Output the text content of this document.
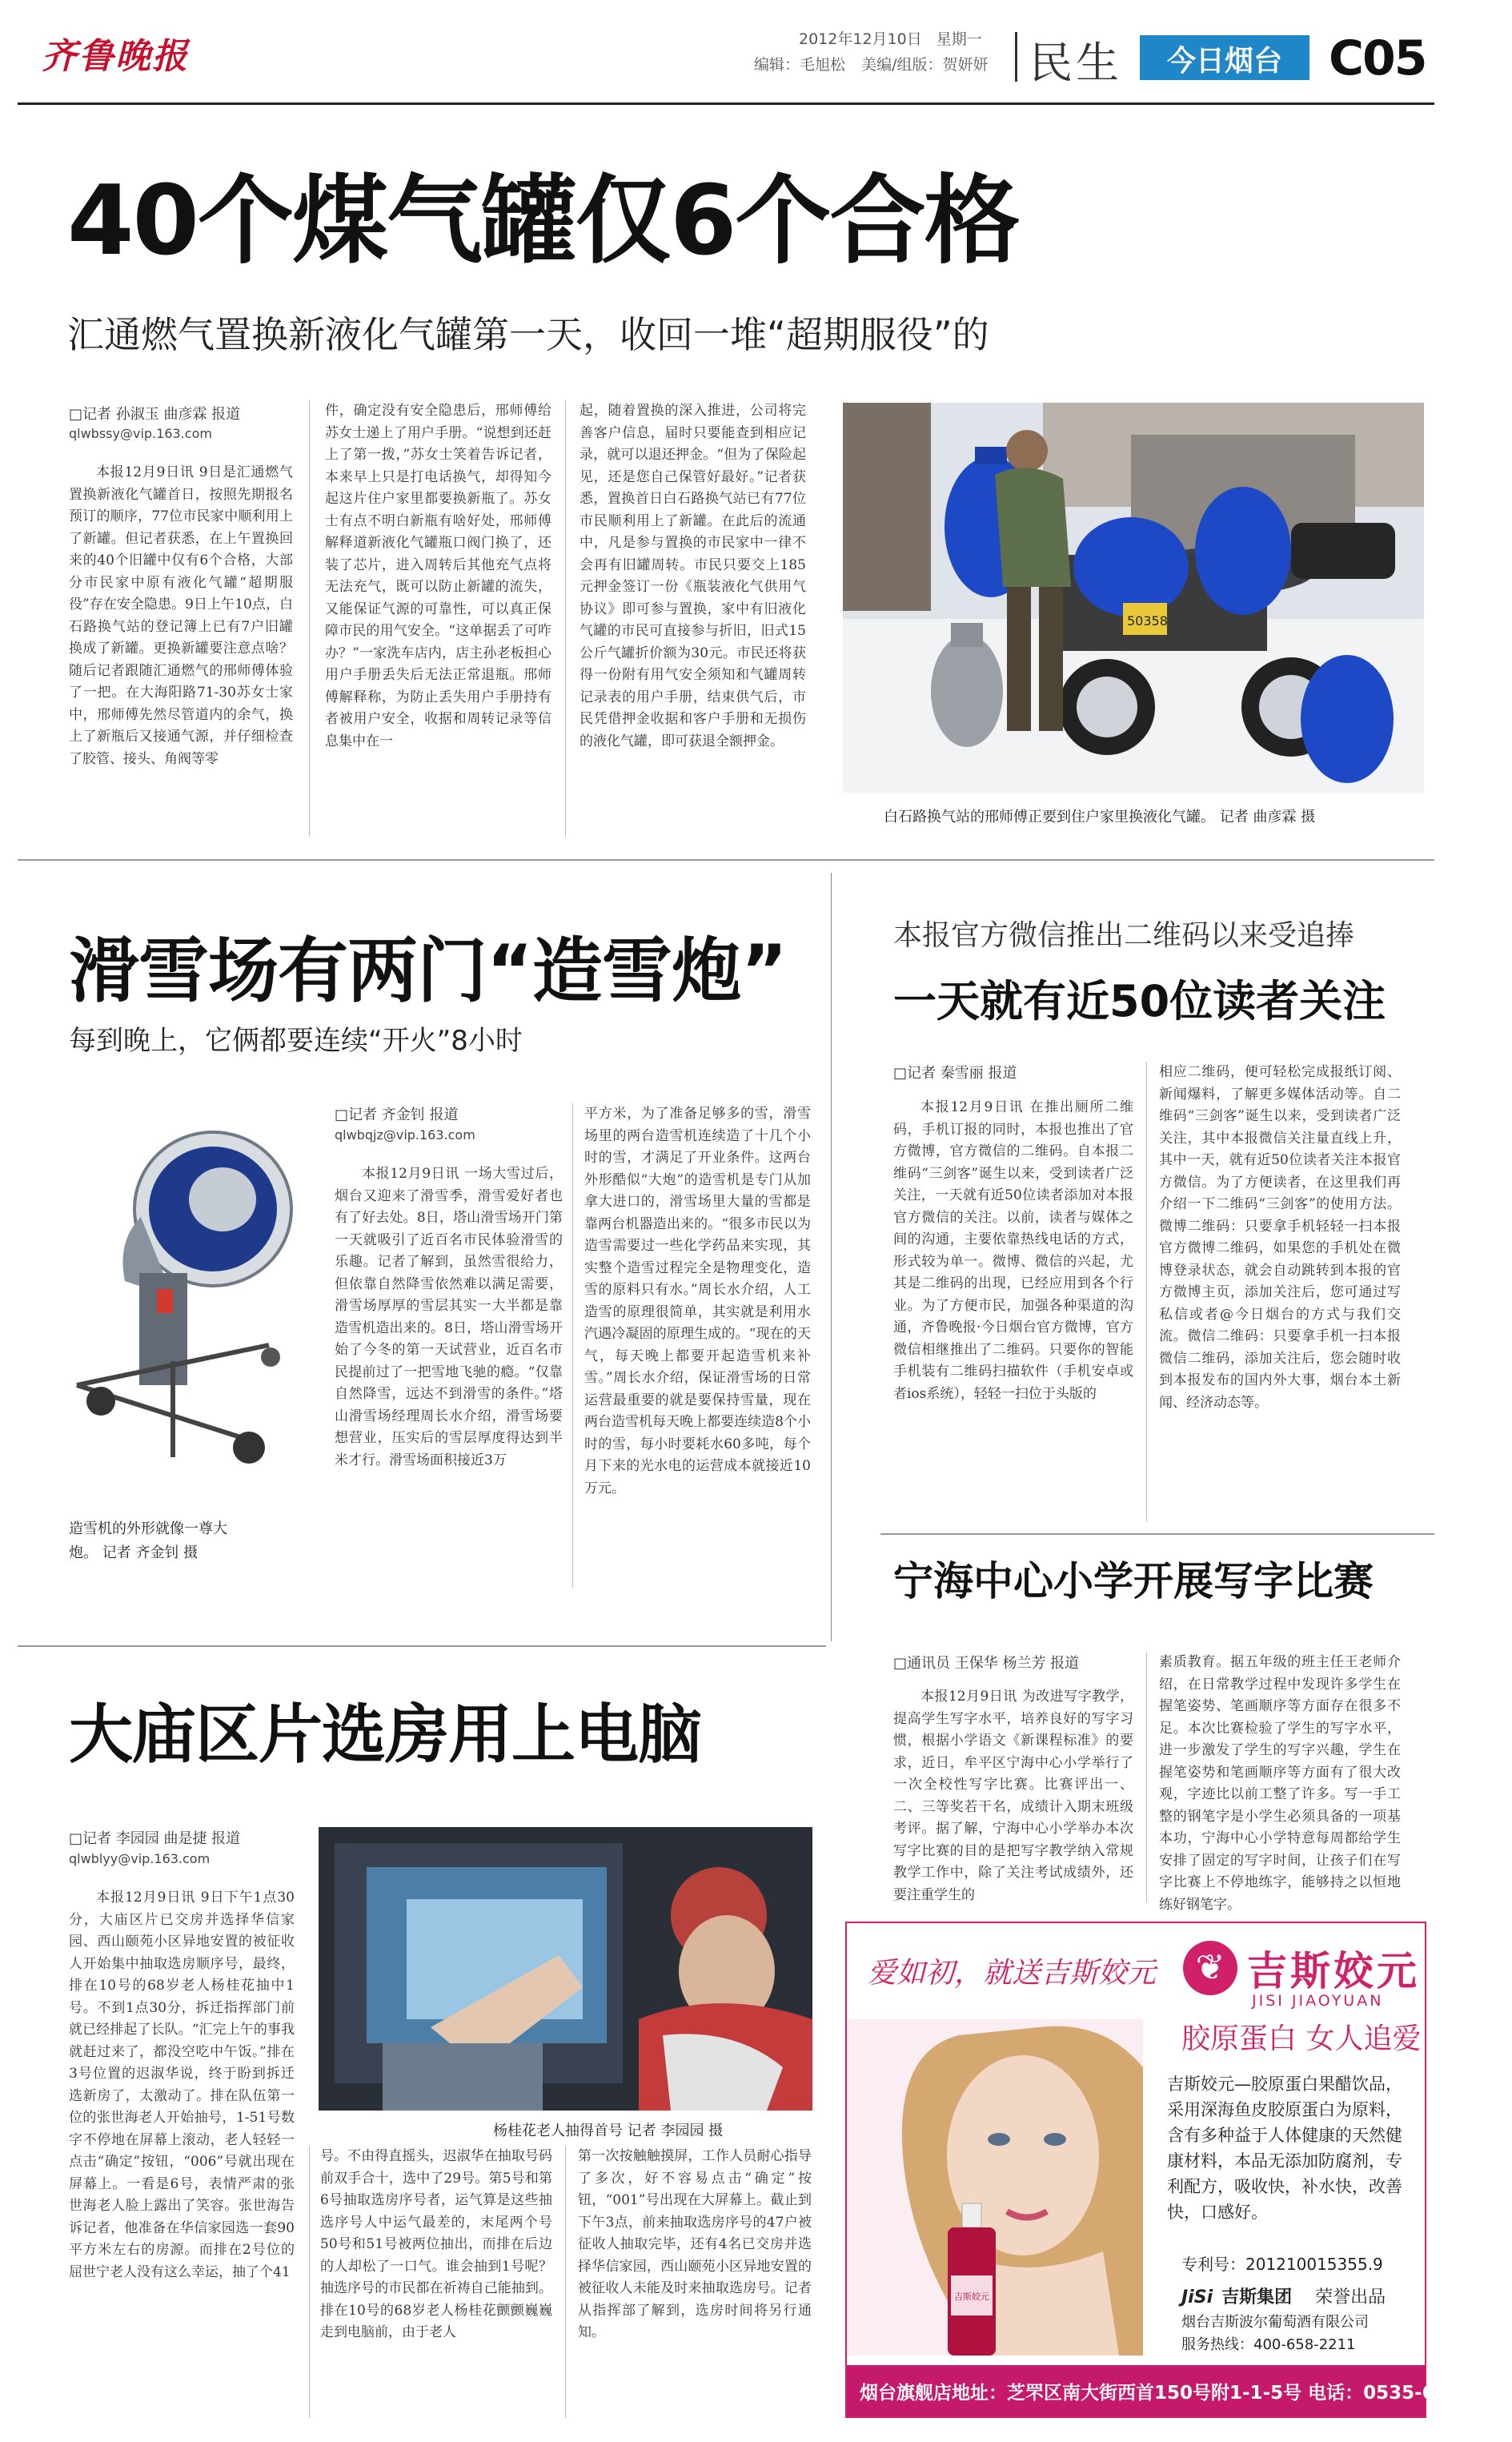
齐鲁晚报	2012年12月10日 星期一
编辑：毛旭松 美编/组版：贺妍妍 民生	今日烟台 C05
40个煤气罐仅6个合格
汇通燃气置换新液化气罐第一天，收回一堆“超期服役”的
□记者 孙淑玉 曲彦霖 报道
qlwbssy@vip.163.com

本报12月9日讯 9日是汇通燃气置换新液化气罐首日，按照先期报名预订的顺序，77位市民家中顺利用上了新罐。但记者获悉，在上午置换回来的40个旧罐中仅有6个合格，大部分市民家中原有液化气罐“超期服役”存在安全隐患。9日上午10点，白石路换气站的登记簿上已有7户旧罐换成了新罐。更换新罐要注意点啥？随后记者跟随汇通燃气的邢师傅体验了一把。在大海阳路71-30苏女士家中，邢师傅先然尽管道内的余气，换上了新瓶后又接通气源，并仔细检查了胶管、接头、角阀等零

件，确定没有安全隐患后，邢师傅给苏女士递上了用户手册。“说想到还赶上了第一拨，”苏女士笑着告诉记者，本来早上只是打电话换气，却得知今起这片住户家里都要换新瓶了。苏女士有点不明白新瓶有啥好处，邢师傅解释道新液化气罐瓶口阀门换了，还装了芯片，进入周转后其他充气点将无法充气，既可以防止新罐的流失，又能保证气源的可靠性，可以真正保障市民的用气安全。“这单据丢了可咋办？”一家洗车店内，店主孙老板担心用户手册丢失后无法正常退瓶。邢师傅解释称，为防止丢失用户手册持有者被用户安全，收据和周转记录等信息集中在一

起，随着置换的深入推进，公司将完善客户信息，届时只要能查到相应记录，就可以退还押金。“但为了保险起见，还是您自己保管好最好。”记者获悉，置换首日白石路换气站已有77位市民顺利用上了新罐。在此后的流通中，凡是参与置换的市民家中一律不会再有旧罐周转。市民只要交上185元押金签订一份《瓶装液化气供用气协议》即可参与置换，家中有旧液化气罐的市民可直接参与折旧，旧式15公斤气罐折价额为30元。市民还将获得一份附有用气安全须知和气罐周转记录表的用户手册，结束供气后，市民凭借押金收据和客户手册和无损伤的液化气罐，即可获退全额押金。

50358
白石路换气站的邢师傅正要到住户家里换液化气罐。 记者 曲彦霖 摄
滑雪场有两门“造雪炮”
每到晚上，它俩都要连续“开火”8小时
造雪机的外形就像一尊大炮。 记者 齐金钊 摄
□记者 齐金钊 报道
qlwbqjz@vip.163.com

本报12月9日讯 一场大雪过后，烟台又迎来了滑雪季，滑雪爱好者也有了好去处。8日，塔山滑雪场开门第一天就吸引了近百名市民体验滑雪的乐趣。记者了解到，虽然雪很给力，但依靠自然降雪依然难以满足需要，滑雪场厚厚的雪层其实一大半都是靠造雪机造出来的。8日，塔山滑雪场开始了今冬的第一天试营业，近百名市民提前过了一把雪地飞驰的瘾。“仅靠自然降雪，远达不到滑雪的条件。”塔山滑雪场经理周长水介绍，滑雪场要想营业，压实后的雪层厚度得达到半米才行。滑雪场面积接近3万

平方米，为了准备足够多的雪，滑雪场里的两台造雪机连续造了十几个小时的雪，才满足了开业条件。这两台外形酷似“大炮”的造雪机是专门从加拿大进口的，滑雪场里大量的雪都是靠两台机器造出来的。“很多市民以为造雪需要过一些化学药品来实现，其实整个造雪过程完全是物理变化，造雪的原料只有水。”周长水介绍，人工造雪的原理很简单，其实就是利用水汽遇冷凝固的原理生成的。“现在的天气，每天晚上都要开起造雪机来补雪。”周长水介绍，保证滑雪场的日常运营最重要的就是要保持雪量，现在两台造雪机每天晚上都要连续造8个小时的雪，每小时要耗水60多吨，每个月下来的光水电的运营成本就接近10万元。

本报官方微信推出二维码以来受追捧
一天就有近50位读者关注
□记者 秦雪丽 报道

本报12月9日讯 在推出厕所二维码，手机订报的同时，本报也推出了官方微博，官方微信的二维码。自本报二维码“三剑客”诞生以来，受到读者广泛关注，一天就有近50位读者添加对本报官方微信的关注。以前，读者与媒体之间的沟通，主要依靠热线电话的方式，形式较为单一。微博、微信的兴起，尤其是二维码的出现，已经应用到各个行业。为了方便市民，加强各种渠道的沟通，齐鲁晚报·今日烟台官方微博，官方微信相继推出了二维码。只要你的智能手机装有二维码扫描软件（手机安卓或者ios系统），轻轻一扫位于头版的

相应二维码，便可轻松完成报纸订阅、新闻爆料，了解更多媒体活动等。自二维码“三剑客”诞生以来，受到读者广泛关注，其中本报微信关注量直线上升，其中一天，就有近50位读者关注本报官方微信。为了方便读者，在这里我们再介绍一下二维码“三剑客”的使用方法。微博二维码：只要拿手机轻轻一扫本报官方微博二维码，如果您的手机处在微博登录状态，就会自动跳转到本报的官方微博主页，添加关注后，您可通过写私信或者@今日烟台的方式与我们交流。微信二维码：只要拿手机一扫本报微信二维码，添加关注后，您会随时收到本报发布的国内外大事，烟台本土新闻、经济动态等。

宁海中心小学开展写字比赛
□通讯员 王保华 杨兰芳 报道

本报12月9日讯 为改进写字教学，提高学生写字水平，培养良好的写字习惯，根据小学语文《新课程标准》的要求，近日，牟平区宁海中心小学举行了一次全校性写字比赛。比赛评出一、二、三等奖若干名，成绩计入期末班级考评。据了解，宁海中心小学举办本次写字比赛的目的是把写字教学纳入常规教学工作中，除了关注考试成绩外，还要注重学生的

素质教育。据五年级的班主任王老师介绍，在日常教学过程中发现许多学生在握笔姿势、笔画顺序等方面存在很多不足。本次比赛检验了学生的写字水平，进一步激发了学生的写字兴趣，学生在握笔姿势和笔画顺序等方面有了很大改观，字迹比以前工整了许多。写一手工整的钢笔字是小学生必须具备的一项基本功，宁海中心小学特意每周都给学生安排了固定的写字时间，让孩子们在写字比赛上不停地练字，能够持之以恒地练好钢笔字。

大庙区片选房用上电脑
□记者 李园园 曲是捷 报道
qlwblyy@vip.163.com

本报12月9日讯 9日下午1点30分，大庙区片已交房并选择华信家园、西山颐苑小区异地安置的被征收人开始集中抽取选房顺序号，最终，排在10号的68岁老人杨桂花抽中1号。不到1点30分，拆迁指挥部门前就已经排起了长队。“汇完上午的事我就赶过来了，都没空吃中午饭。”排在3号位置的迟淑华说，终于盼到拆迁选新房了，太激动了。排在队伍第一位的张世海老人开始抽号，1-51号数字不停地在屏幕上滚动，老人轻轻一点击“确定”按钮，“006”号就出现在屏幕上。一看是6号，表情严肃的张世海老人脸上露出了笑容。张世海告诉记者，他准备在华信家园选一套90平方米左右的房源。而排在2号位的屈世宁老人没有这么幸运，抽了个41

杨桂花老人抽得首号 记者 李园园 摄

号。不由得直摇头，迟淑华在抽取号码前双手合十，选中了29号。第5号和第6号抽取选房序号者，运气算是这些抽选序号人中运气最差的，末尾两个号50号和51号被两位抽出，而排在后边的人却松了一口气。谁会抽到1号呢？抽选序号的市民都在祈祷自己能抽到。排在10号的68岁老人杨桂花颤颤巍巍走到电脑前，由于老人

第一次按触触摸屏，工作人员耐心指导了多次，好不容易点击“确定”按钮，“001”号出现在大屏幕上。截止到下午3点，前来抽取选房序号的47户被征收人抽取完毕，还有4名已交房并选择华信家园，西山颐苑小区异地安置的被征收人未能及时来抽取选房号。记者从指挥部了解到，选房时间将另行通知。

爱如初，就送吉斯姣元	❦ 吉斯姣元
JISI JIAOYUAN
胶原蛋白 女人追爱
吉斯姣元
吉斯姣元—胶原蛋白果醋饮品，采用深海鱼皮胶原蛋白为原料，含有多种益于人体健康的天然健康材料，本品无添加防腐剂，专利配方，吸收快，补水快，改善快，口感好。
专利号：201210015355.9
JiSi 吉斯集团 荣誉出品
烟台吉斯波尔葡萄酒有限公司
服务热线：400-658-2211
烟台旗舰店地址：芝罘区南大街西首150号附1-1-5号 电话：0535-6694999
